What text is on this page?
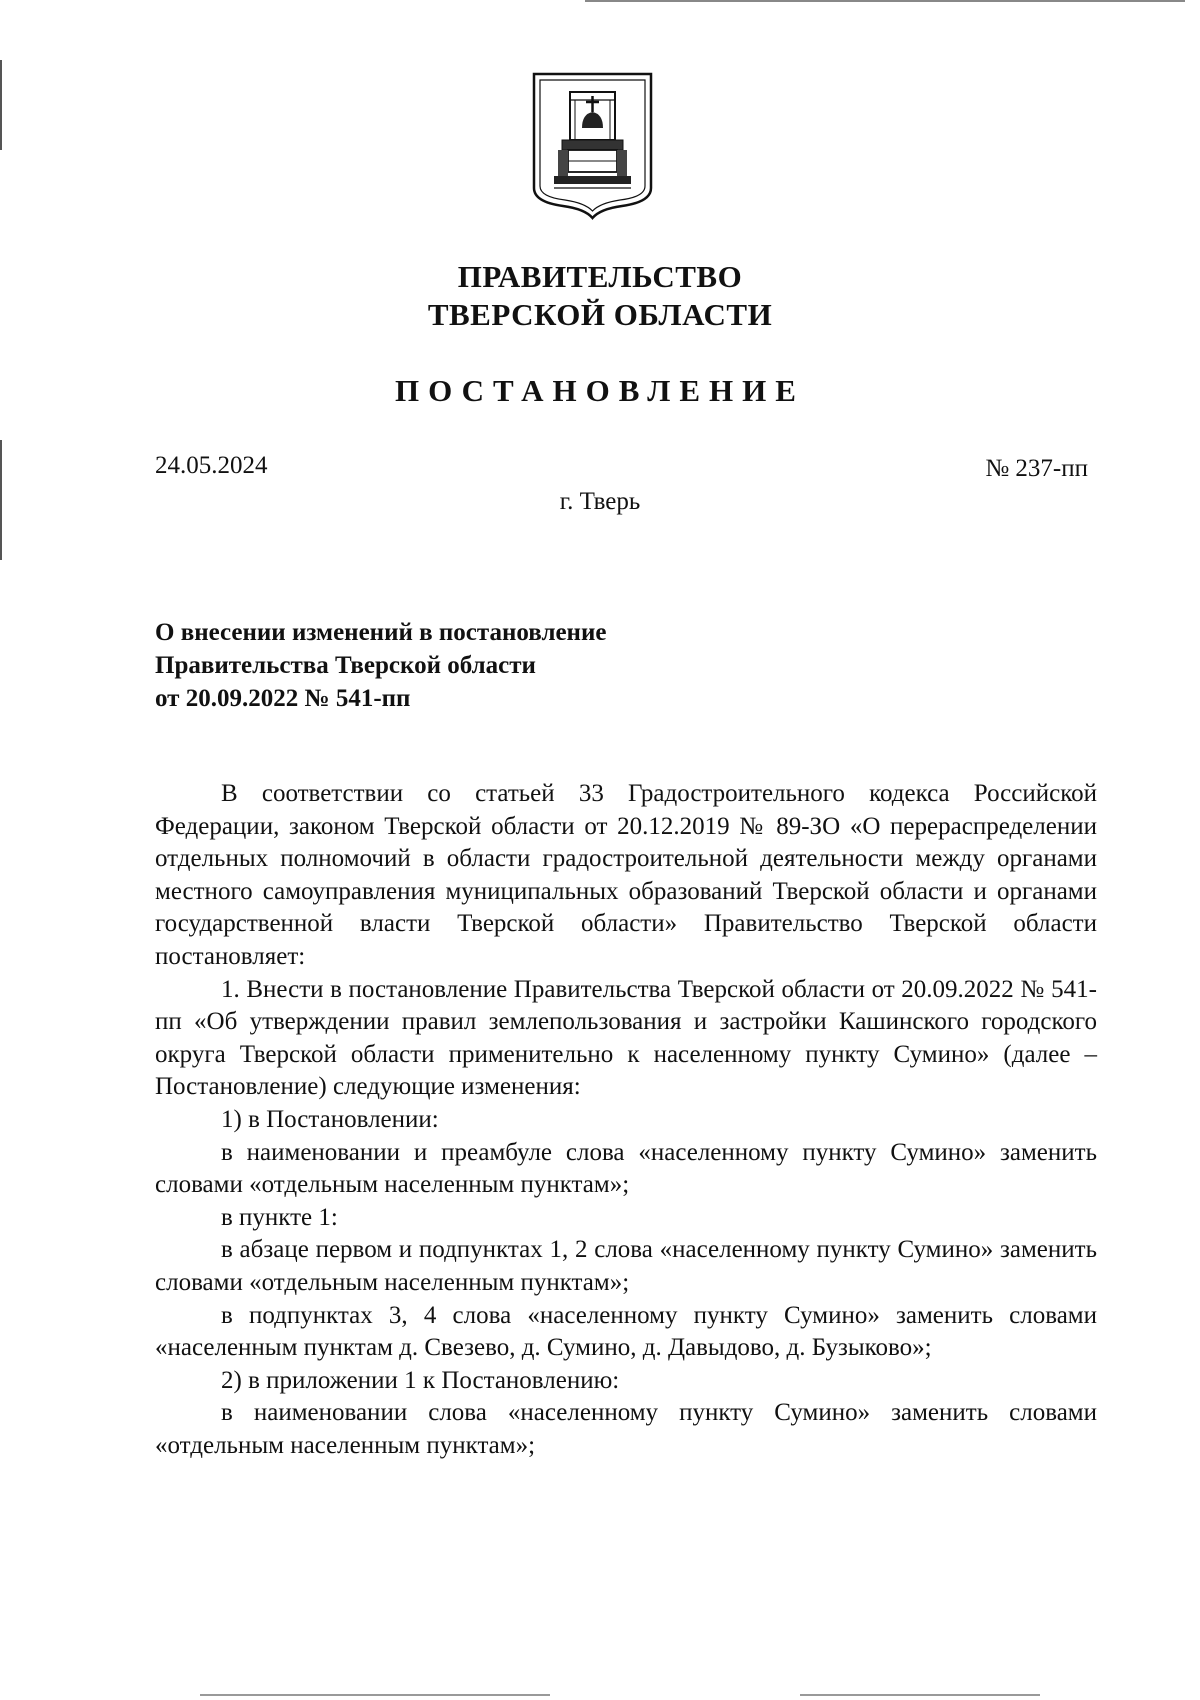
ПРАВИТЕЛЬСТВО
ТВЕРСКОЙ ОБЛАСТИ
ПОСТАНОВЛЕНИЕ
24.05.2024	№ 237-пп
г. Тверь
О внесении изменений в постановление
Правительства Тверской области
от 20.09.2022 № 541-пп

В соответствии со статьей 33 Градостроительного кодекса Российской Федерации, законом Тверской области от 20.12.2019 № 89-ЗО «О перераспределении отдельных полномочий в области градостроительной деятельности между органами местного самоуправления муниципальных образований Тверской области и органами государственной власти Тверской области» Правительство Тверской области постановляет:

1. Внести в постановление Правительства Тверской области от 20.09.2022 № 541-пп «Об утверждении правил землепользования и застройки Кашинского городского округа Тверской области применительно к населенному пункту Сумино» (далее – Постановление) следующие изменения:

1) в Постановлении:

в наименовании и преамбуле слова «населенному пункту Сумино» заменить словами «отдельным населенным пунктам»;

в пункте 1:

в абзаце первом и подпунктах 1, 2 слова «населенному пункту Сумино» заменить словами «отдельным населенным пунктам»;

в подпунктах 3, 4 слова «населенному пункту Сумино» заменить словами «населенным пунктам д. Свезево, д. Сумино, д. Давыдово, д. Бузыково»;

2) в приложении 1 к Постановлению:

в наименовании слова «населенному пункту Сумино» заменить словами «отдельным населенным пунктам»;
